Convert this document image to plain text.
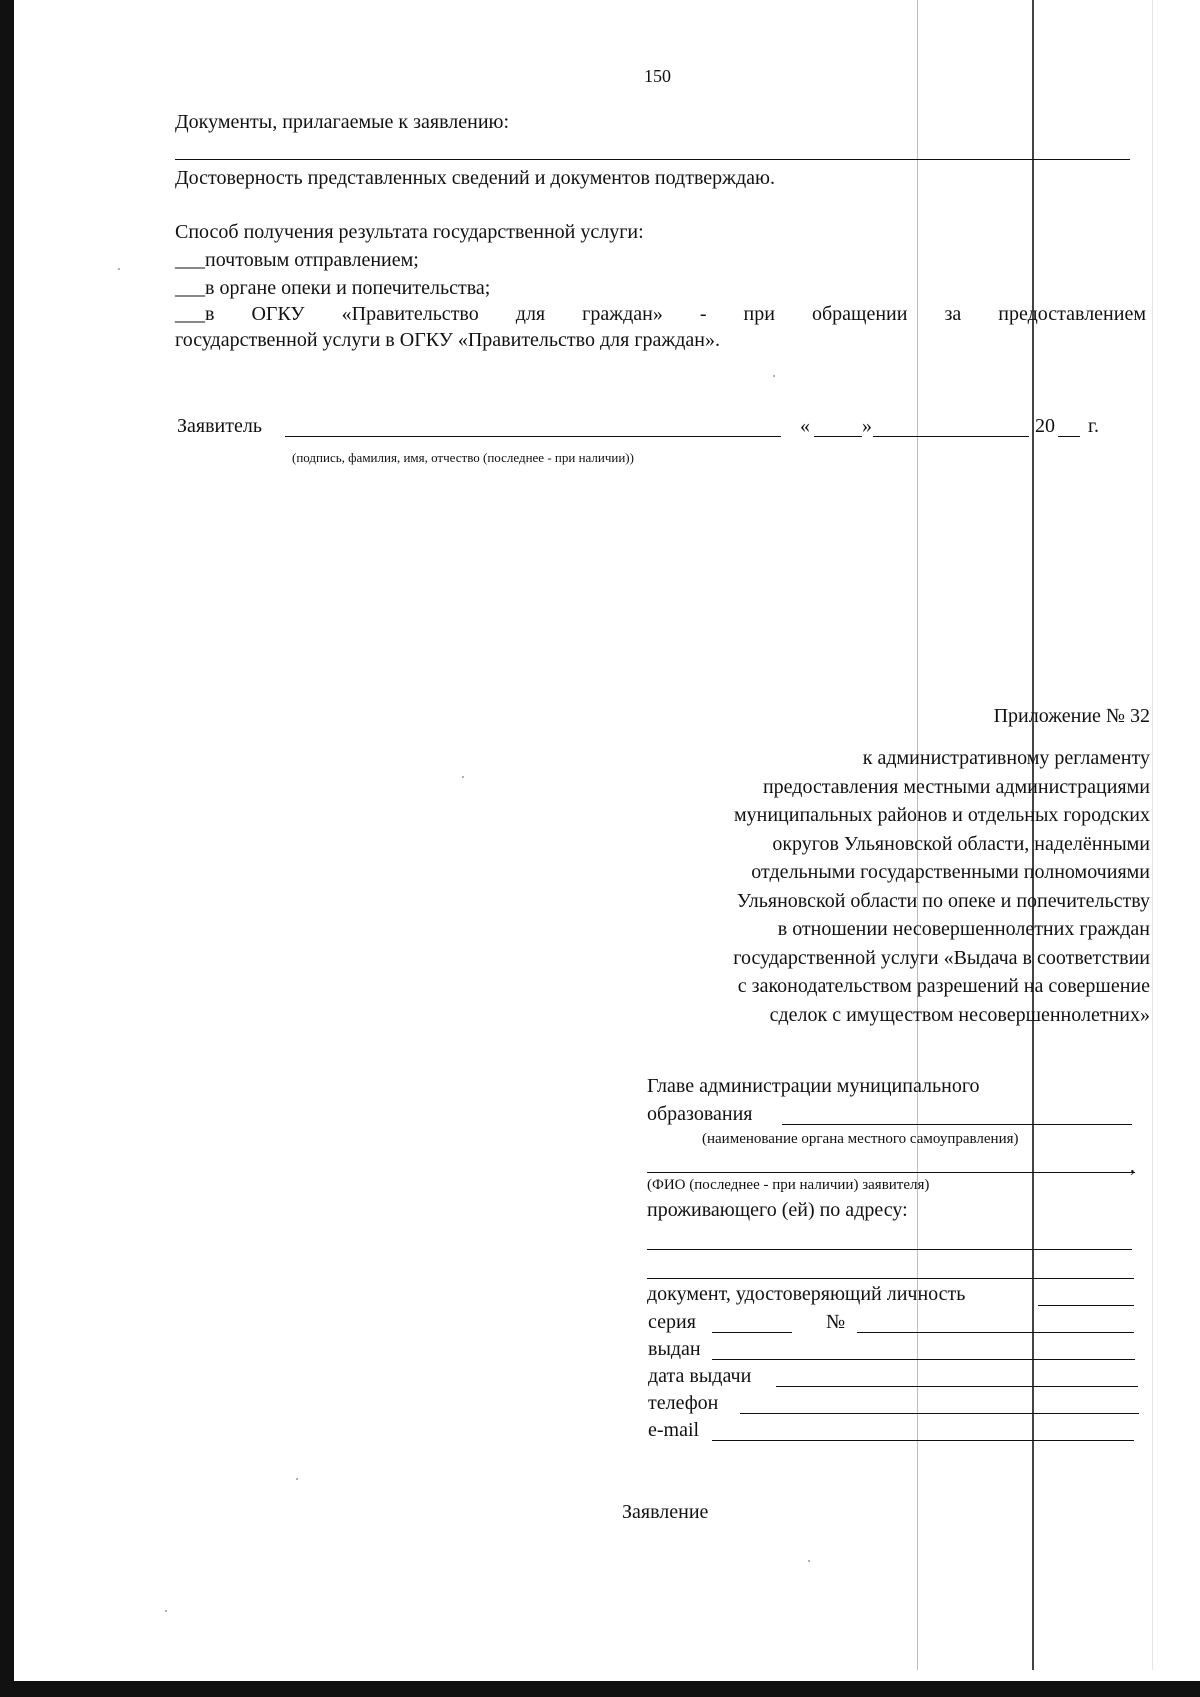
150
Документы, прилагаемые к заявлению:
Достоверность представленных сведений и документов подтверждаю.
Способ получения результата государственной услуги:
___почтовым отправлением;
___в органе опеки и попечительства;
___в ОГКУ «Правительство для граждан» - при обращении за предоставлением
государственной услуги в ОГКУ «Правительство для граждан».
Заявитель	«	»	20 г.
(подпись, фамилия, имя, отчество (последнее - при наличии))
Приложение № 32
к административному регламенту
предоставления местными администрациями
муниципальных районов и отдельных городских
округов Ульяновской области, наделёнными
отдельными государственными полномочиями
Ульяновской области по опеке и попечительству
в отношении несовершеннолетних граждан
государственной услуги «Выдача в соответствии
с законодательством разрешений на совершение
сделок с имуществом несовершеннолетних»
Главе администрации муниципального
образования
(наименование органа местного самоуправления)
,
(ФИО (последнее - при наличии) заявителя)
проживающего (ей) по адресу:
документ, удостоверяющий личность
серия	№
выдан
дата выдачи
телефон
e-mail
Заявление
